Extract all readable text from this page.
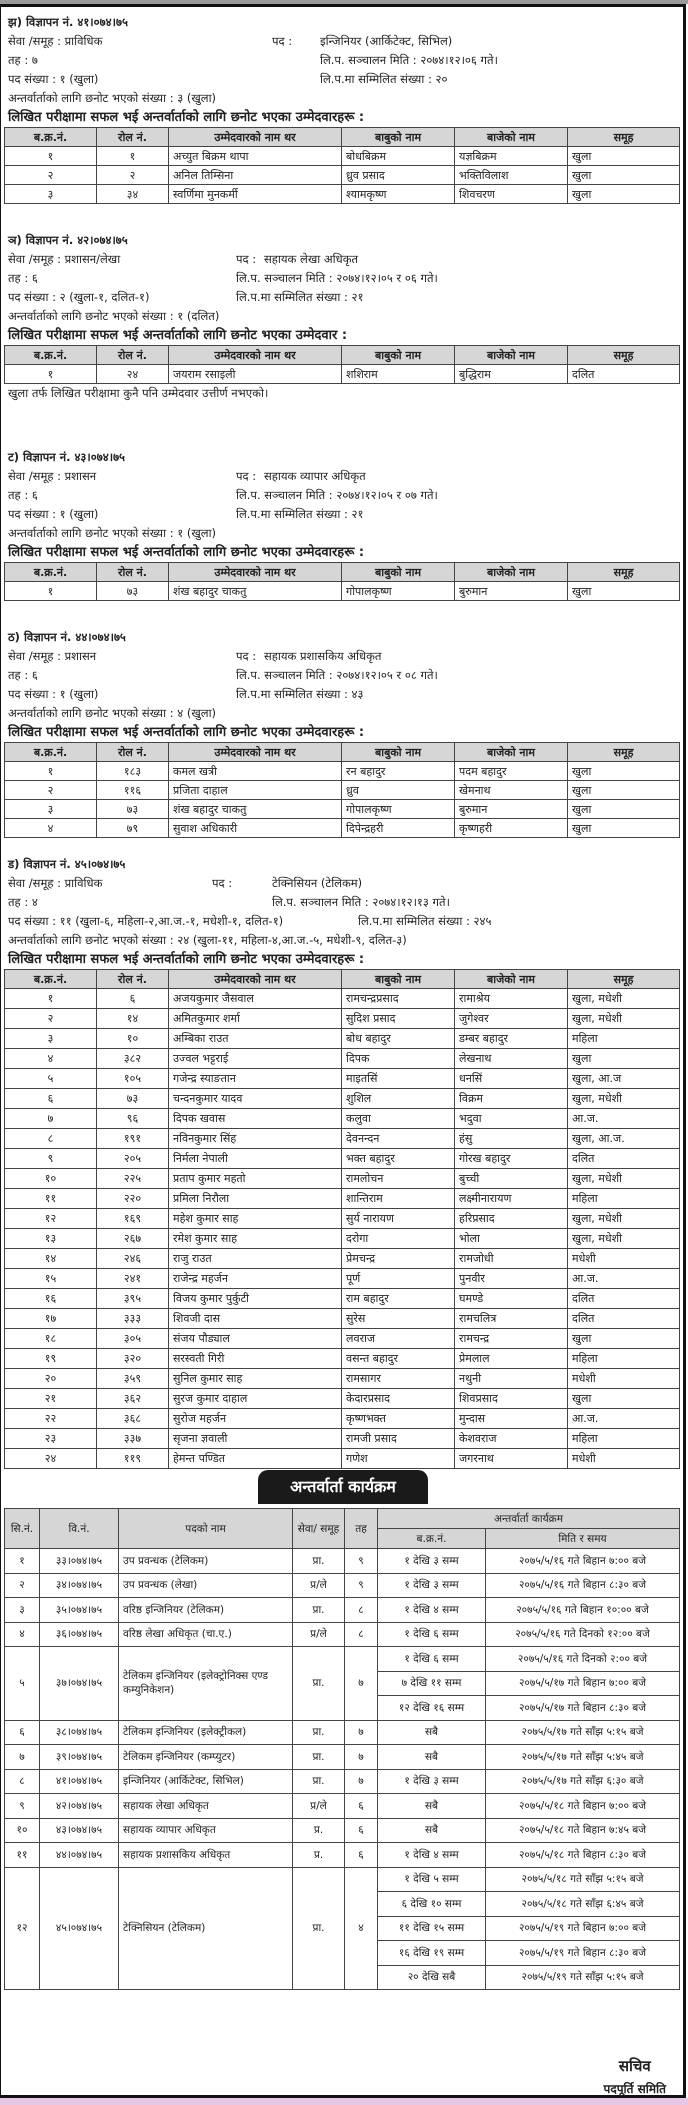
झ) विज्ञापन नं. ४१।०७४।७५
सेवा /समूह : प्राविधिक	पद : इन्जिनियर (आर्किटेक्ट, सिभिल)
तह : ७	लि.प. सञ्चालन मिति : २०७४।१२।०६ गते।
पद संख्या : १ (खुला)	लि.प.मा सम्मिलित संख्या : २०
अन्तर्वार्ताको लागि छनोट भएको संख्या : ३ (खुला)
लिखित परीक्षामा सफल भई अन्तर्वार्ताको लागि छनोट भएका उम्मेदवारहरू :
ब.क्र.नं.	रोल नं.	उम्मेदवारको नाम थर	बाबुको नाम	बाजेको नाम	समूह
१	१	अच्युत बिक्रम थापा	बोधबिक्रम	यज्ञबिक्रम	खुला
२	२	अनिल तिम्सिना	ध्रुव प्रसाद	भक्तिविलाश	खुला
३	३४	स्वर्णिमा मुनकर्मी	श्यामकृष्ण	शिवचरण	खुला
ञ) विज्ञापन नं. ४२।०७४।७५
सेवा /समूह : प्रशासन/लेखा	पद : सहायक लेखा अधिकृत
तह : ६	लि.प. सञ्चालन मिति : २०७४।१२।०५ र ०६ गते।
पद संख्या : २ (खुला-१, दलित-१)	लि.प.मा सम्मिलित संख्या : २१
अन्तर्वार्ताको लागि छनोट भएको संख्या : १ (दलित)
लिखित परीक्षामा सफल भई अन्तर्वार्ताको लागि छनोट भएका उम्मेदवार :
ब.क्र.नं.	रोल नं.	उम्मेदवारको नाम थर	बाबुको नाम	बाजेको नाम	समूह
१	२४	जयराम रसाइली	शशिराम	बुद्धिराम	दलित
खुला तर्फ लिखित परीक्षामा कुनै पनि उम्मेदवार उत्तीर्ण नभएको।
ट) विज्ञापन नं. ४३।०७४।७५
सेवा /समूह : प्रशासन	पद : सहायक व्यापार अधिकृत
तह : ६	लि.प. सञ्चालन मिति : २०७४।१२।०५ र ०७ गते।
पद संख्या : १ (खुला)	लि.प.मा सम्मिलित संख्या : २१
अन्तर्वार्ताको लागि छनोट भएको संख्या : १ (खुला)
लिखित परीक्षामा सफल भई अन्तर्वार्ताको लागि छनोट भएका उम्मेदवारहरू :
ब.क्र.नं.	रोल नं.	उम्मेदवारको नाम थर	बाबुको नाम	बाजेको नाम	समूह
१	७३	शंख बहादुर चाकतु	गोपालकृष्ण	बुरुमान	खुला
ठ) विज्ञापन नं. ४४।०७४।७५
सेवा /समूह : प्रशासन	पद : सहायक प्रशासकिय अधिकृत
तह : ६	लि.प. सञ्चालन मिति : २०७४।१२।०५ र ०८ गते।
पद संख्या : १ (खुला)	लि.प.मा सम्मिलित संख्या : ४३
अन्तर्वार्ताको लागि छनोट भएको संख्या : ४ (खुला)
लिखित परीक्षामा सफल भई अन्तर्वार्ताको लागि छनोट भएका उम्मेदवारहरू :
ब.क्र.नं.	रोल नं.	उम्मेदवारको नाम थर	बाबुको नाम	बाजेको नाम	समूह
१	१८३	कमल खत्री	रन बहादुर	पदम बहादुर	खुला
२	११६	प्रजिता दाहाल	ध्रुव	खेमनाथ	खुला
३	७३	शंख बहादुर चाकतु	गोपालकृष्ण	बुरुमान	खुला
४	७९	सुवाश अधिकारी	दिपेन्द्रहरी	कृष्णहरी	खुला
ड) विज्ञापन नं. ४५।०७४।७५
सेवा /समूह : प्राविधिक	पद :	टेक्निसियन (टेलिकम)
तह : ४	लि.प. सञ्चालन मिति : २०७४।१२।१३ गते।
पद संख्या : ११ (खुला-६, महिला-२,आ.ज.-१, मधेशी-१, दलित-१)	लि.प.मा सम्मिलित संख्या : २४५
अन्तर्वार्ताको लागि छनोट भएको संख्या : २४ (खुला-११, महिला-४,आ.ज.-५, मधेशी-९, दलित-३)
लिखित परीक्षामा सफल भई अन्तर्वार्ताको लागि छनोट भएका उम्मेदवारहरू :
ब.क्र.नं.	रोल नं.	उम्मेदवारको नाम थर	बाबुको नाम	बाजेको नाम	समूह
१	६	अजयकुमार जैसवाल	रामचन्द्रप्रसाद	रामाश्रेय	खुला, मधेशी
२	१४	अमितकुमार शर्मा	सुदिश प्रसाद	जुगेश्वर	खुला, मधेशी
३	१०	अम्बिका राउत	बोध बहादुर	डम्बर बहादुर	महिला
४	३८२	उज्वल भट्टराई	दिपक	लेखनाथ	खुला
५	१०५	गजेन्द्र स्याङतान	माइतसिं	धनसिं	खुला, आ.ज
६	७३	चन्दनकुमार यादव	शुशिल	विक्रम	खुला, मधेशी
७	९६	दिपक खवास	कलुवा	भदुवा	आ.ज.
८	१९१	नविनकुमार सिंह	देवनन्दन	हंसु	खुला, आ.ज.
९	२०५	निर्मला नेपाली	भक्त बहादुर	गोरख बहादुर	दलित
१०	२२५	प्रताप कुमार महतो	रामलोचन	बुच्ची	खुला, मधेशी
११	२२०	प्रमिला निरौला	शान्तिराम	लक्ष्मीनारायण	महिला
१२	१६९	महेश कुमार साह	सुर्य नारायण	हरिप्रसाद	खुला, मधेशी
१३	२६७	रमेश कुमार साह	दरोगा	भोला	खुला, मधेशी
१४	२४६	राजु राउत	प्रेमचन्द्र	रामजोधी	मधेशी
१५	२४१	राजेन्द्र महर्जन	पूर्ण	पुनवीर	आ.ज.
१६	३९५	विजय कुमार पुर्कुटी	राम बहादुर	घमण्डे	दलित
१७	३३३	शिवजी दास	सुरेस	रामचलित्र	दलित
१८	३०५	संजय पौड्याल	लवराज	रामचन्द्र	खुला
१९	३२०	सरस्वती गिरी	वसन्त बहादुर	प्रेमलाल	महिला
२०	३५९	सुनिल कुमार साह	रामसागर	नथुनी	मधेशी
२१	३६२	सुरज कुमार दाहाल	केदारप्रसाद	शिवप्रसाद	खुला
२२	३६८	सुरोज महर्जन	कृष्णभक्त	मुन्दास	आ.ज.
२३	३३७	सृजना ज्ञवाली	रामजी प्रसाद	केशवराज	महिला
२४	११९	हेमन्त पण्डित	गणेश	जगरनाथ	मधेशी
अन्तर्वार्ता कार्यक्रम
सि.नं.	वि.नं.	पदको नाम	सेवा/ समूह	तह	अन्तर्वार्ता कार्यक्रम	
					ब.क्र.नं.	मिति र समय
१	३३।०७४।७५	उप प्रवन्धक (टेलिकम)	प्रा.	९	१ देखि ३ सम्म	२०७५/५/१६ गते बिहान ७:०० बजे
२	३४।०७४।७५	उप प्रवन्धक (लेखा)	प्र/ले	९	१ देखि ३ सम्म	२०७५/५/१६ गते बिहान ८:३० बजे
३	३५।०७४।७५	वरिष्ठ इन्जिनियर (टेलिकम)	प्रा.	८	१ देखि ४ सम्म	२०७५/५/१६ गते बिहान १०:०० बजे
४	३६।०७४।७५	वरिष्ठ लेखा अधिकृत (चा.ए.)	प्र/ले	८	१ देखि ६ सम्म	२०७५/५/१६ गते दिनको १२:०० बजे
५	३७।०७४।७५	टेलिकम इन्जिनियर (इलेक्ट्रोनिक्स एण्ड कम्युनिकेशन)	प्रा.	७	१ देखि ६ सम्म	२०७५/५/१६ गते दिनको २:०० बजे
					७ देखि ११ सम्म	२०७५/५/१७ गते बिहान ७:०० बजे
					१२ देखि १६ सम्म	२०७५/५/१७ गते बिहान ८:३० बजे
६	३८।०७४।७५	टेलिकम इन्जिनियर (इलेक्ट्रीकल)	प्रा.	७	सबै	२०७५/५/१७ गते साँझ ५:१५ बजे
७	३९।०७४।७५	टेलिकम इन्जिनियर (कम्प्युटर)	प्रा.	७	सबै	२०७५/५/१७ गते साँझ ५:४५ बजे
८	४१।०७४।७५	इन्जिनियर (आर्किटेक्ट, सिभिल)	प्रा.	७	१ देखि ३ सम्म	२०७५/५/१७ गते साँझ ६:३० बजे
९	४२।०७४।७५	सहायक लेखा अधिकृत	प्र/ले	६	सबै	२०७५/५/१८ गते बिहान ७:०० बजे
१०	४३।०७४।७५	सहायक व्यापार अधिकृत	प्र.	६	सबै	२०७५/५/१८ गते बिहान ७:४५ बजे
११	४४।०७४।७५	सहायक प्रशासकिय अधिकृत	प्र.	६	१ देखि ४ सम्म	२०७५/५/१८ गते बिहान ८:३० बजे
१२	४५।०७४।७५	टेक्निसियन (टेलिकम)	प्रा.	४	१ देखि ५ सम्म	२०७५/५/१८ गते साँझ ५:१५ बजे
					६ देखि १० सम्म	२०७५/५/१८ गते साँझ ६:४५ बजे
					११ देखि १५ सम्म	२०७५/५/१९ गते बिहान ७:०० बजे
					१६ देखि १९ सम्म	२०७५/५/१९ गते बिहान ८:३० बजे
					२० देखि सबै	२०७५/५/१९ गते साँझ ५:१५ बजे
सचिव
पदपूर्ति समिति
